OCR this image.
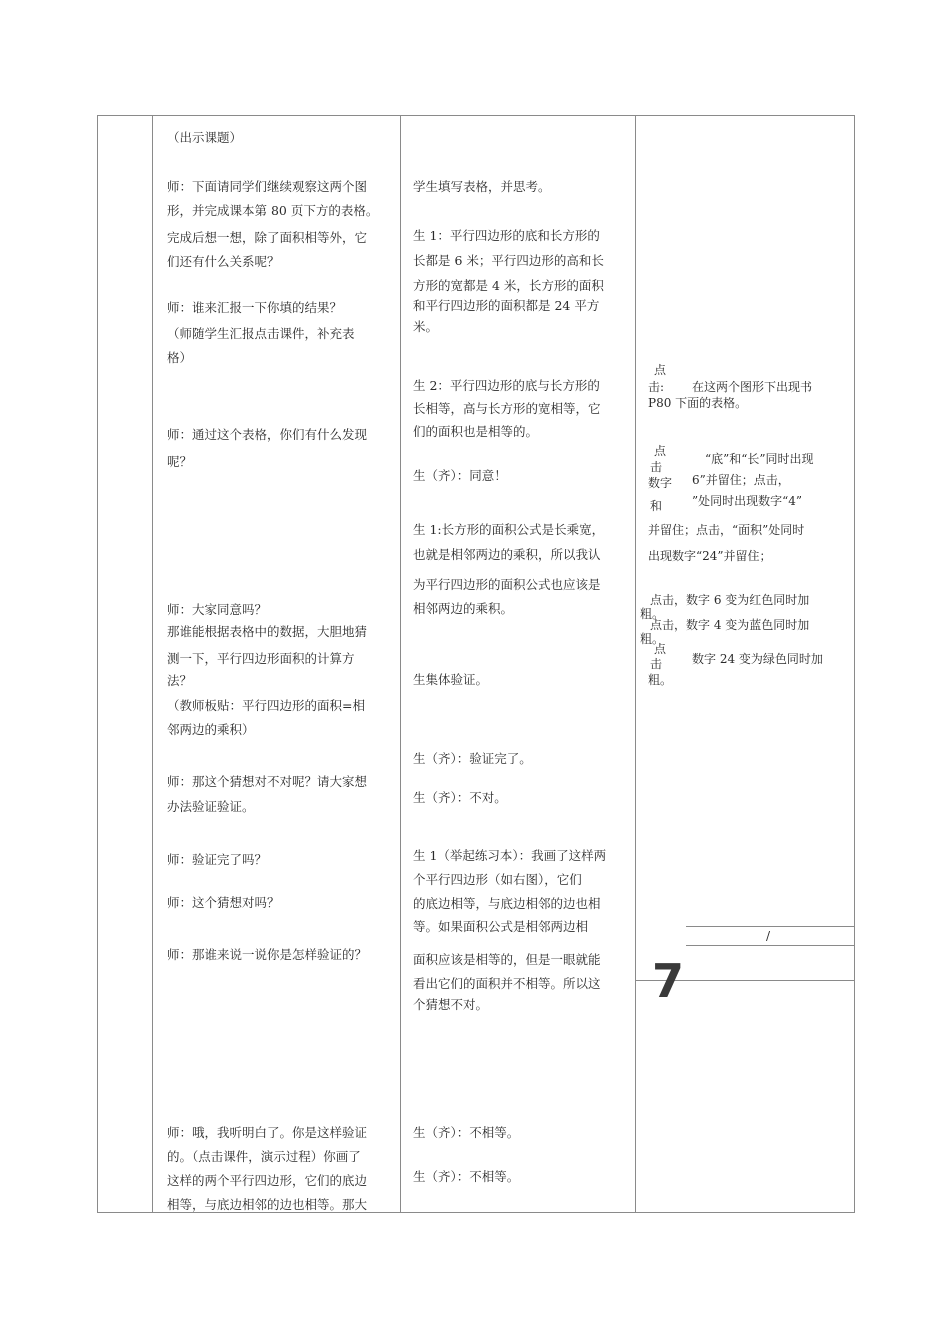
（出示课题）
师：下面请同学们继续观察这两个图
形，并完成课本第 80 页下方的表格。
完成后想一想，除了面积相等外，它
们还有什么关系呢？
师：谁来汇报一下你填的结果？
（师随学生汇报点击课件，补充表
格）
师：通过这个表格，你们有什么发现
呢？
师：大家同意吗？
那谁能根据表格中的数据，大胆地猜
测一下，平行四边形面积的计算方
法？
（教师板贴：平行四边形的面积=相
邻两边的乘积）
师：那这个猜想对不对呢？请大家想
办法验证验证。
师：验证完了吗？
师：这个猜想对吗？
师：那谁来说一说你是怎样验证的？
师：哦，我听明白了。你是这样验证
的。（点击课件，演示过程）你画了
这样的两个平行四边形，它们的底边
相等，与底边相邻的边也相等。那大
学生填写表格，并思考。
生 1：平行四边形的底和长方形的
长都是 6 米；平行四边形的高和长
方形的宽都是 4 米，长方形的面积
和平行四边形的面积都是 24 平方
米。
生 2：平行四边形的底与长方形的
长相等，高与长方形的宽相等，它
们的面积也是相等的。
生（齐）：同意！
生 1:长方形的面积公式是长乘宽，
也就是相邻两边的乘积，所以我认
为平行四边形的面积公式也应该是
相邻两边的乘积。
生集体验证。
生（齐）：验证完了。
生（齐）：不对。
生 1（举起练习本）：我画了这样两
个平行四边形（如右图），它们
的底边相等，与底边相邻的边也相
等。如果面积公式是相邻两边相
面积应该是相等的，但是一眼就能
看出它们的面积并不相等。所以这
个猜想不对。
生（齐）：不相等。
生（齐）：不相等。
点
击: 在这两个图形下出现书
P80 下面的表格。
点
击
数字
“底”和“长”同时出现
6”并留住；点击，
和 ”处同时出现数字“4”
并留住；点击，“面积”处同时
出现数字“24”并留住；
点击，数字 6 变为红色同时加
粗。
点击，数字 4 变为蓝色同时加
粗。
点
击 数字 24 变为绿色同时加
粗。
/
7
